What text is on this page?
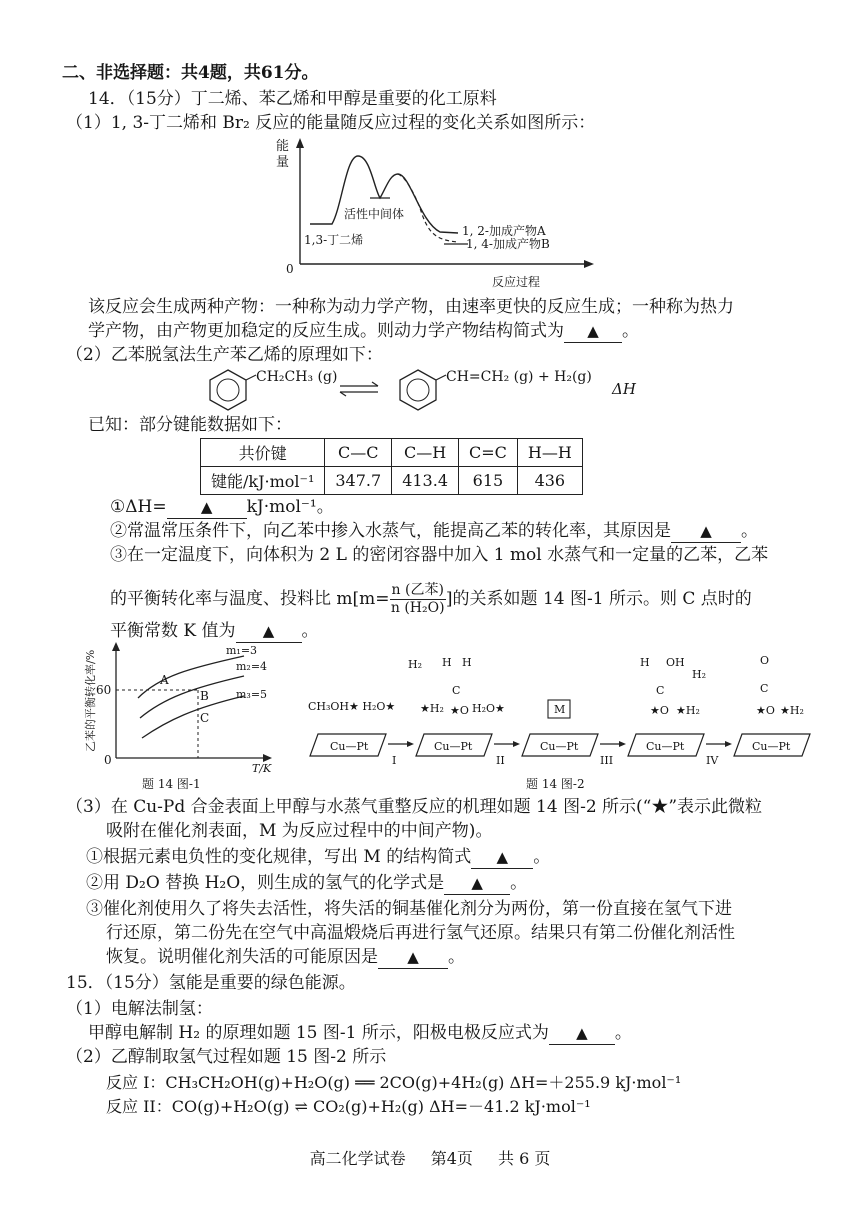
二、非选择题：共4题，共61分。
14．（15分）丁二烯、苯乙烯和甲醇是重要的化工原料
（1）1, 3-丁二烯和 Br₂ 反应的能量随反应过程的变化关系如图所示：
能
量
0
反应过程
活性中间体
1,3-丁二烯
1, 2-加成产物A
1, 4-加成产物B
该反应会生成两种产物：一种称为动力学产物，由速率更快的反应生成；一种称为热力
学产物，由产物更加稳定的反应生成。则动力学产物结构简式为 ▲ 。
（2）乙苯脱氢法生产苯乙烯的原理如下：
CH₂CH₃ (g)	CH=CH₂ (g) + H₂(g)
ΔH
已知：部分键能数据如下：
共价键	C—C	C—H	C=C	H—H
键能/kJ·mol⁻¹	347.7	413.4	615	436
①ΔH= ▲ kJ·mol⁻¹。
②常温常压条件下，向乙苯中掺入水蒸气，能提高乙苯的转化率，其原因是 ▲ 。
③在一定温度下，向体积为 2 L 的密闭容器中加入 1 mol 水蒸气和一定量的乙苯，乙苯
的平衡转化率与温度、投料比 m[m= n (乙苯)
n (H₂O) ]的关系如题 14 图-1 所示。则 C 点时的
平衡常数 K 值为 ▲ 。
乙苯的平衡转化率/%
0
60
A
B
C
m₁=3
m₂=4
m₃=5
T/K
题 14 图-1
Cu—Pt
CH₃OH★ H₂O★
I
Cu—Pt
H₂
★H₂
H H
C
★O H₂O★
II
Cu—Pt
M
III
Cu—Pt
H OH
C
★O
H₂
★H₂
IV
Cu—Pt
O
C
★O ★H₂
题 14 图-2
（3）在 Cu-Pd 合金表面上甲醇与水蒸气重整反应的机理如题 14 图-2 所示(“★”表示此微粒
吸附在催化剂表面，M 为反应过程中的中间产物)。
①根据元素电负性的变化规律，写出 M 的结构简式 ▲ 。
②用 D₂O 替换 H₂O，则生成的氢气的化学式是 ▲ 。
③催化剂使用久了将失去活性，将失活的铜基催化剂分为两份，第一份直接在氢气下进
行还原，第二份先在空气中高温煅烧后再进行氢气还原。结果只有第二份催化剂活性
恢复。说明催化剂失活的可能原因是 ▲ 。
15．（15分）氢能是重要的绿色能源。
（1）电解法制氢：
甲醇电解制 H₂ 的原理如题 15 图-1 所示，阳极电极反应式为 ▲ 。
（2）乙醇制取氢气过程如题 15 图-2 所示
反应 I：CH₃CH₂OH(g)+H₂O(g) ══ 2CO(g)+4H₂(g) ΔH=＋255.9 kJ·mol⁻¹
反应 II：CO(g)+H₂O(g) ⇌ CO₂(g)+H₂(g) ΔH=－41.2 kJ·mol⁻¹
高二化学试卷 第4页 共 6 页
